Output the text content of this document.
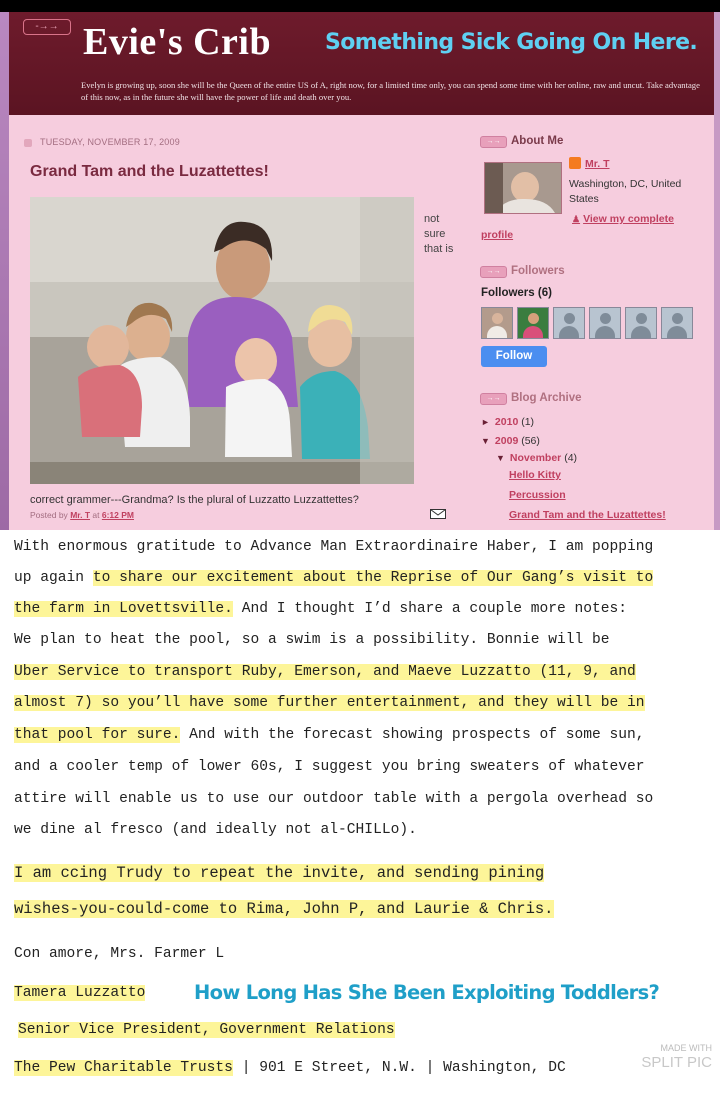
-→→ Evie's Crib Something Sick Going On Here.
Evelyn is growing up, soon she will be the Queen of the entire US of A, right now, for a limited time only, you can spend some time with her online, raw and uncut. Take advantage of this now, as in the future she will have the power of life and death over you.
TUESDAY, NOVEMBER 17, 2009
Grand Tam and the Luzattettes!
not sure that is
correct grammer---Grandma? Is the plural of Luzzatto Luzzattettes?
Posted by Mr. T at 6:12 PM
→→ About Me
Mr. T
Washington, DC, United States
♟ View my complete
profile
→→ Followers
Followers (6)
Follow
→→ Blog Archive
► 2010 (1)
▼ 2009 (56)
▼ November (4)
Hello Kitty
Percussion
Grand Tam and the Luzattettes!
With enormous gratitude to Advance Man Extraordinaire Haber, I am popping
up again to share our excitement about the Reprise of Our Gang’s visit to
the farm in Lovettsville. And I thought I’d share a couple more notes:
We plan to heat the pool, so a swim is a possibility. Bonnie will be
Uber Service to transport Ruby, Emerson, and Maeve Luzzatto (11, 9, and
almost 7) so you’ll have some further entertainment, and they will be in
that pool for sure. And with the forecast showing prospects of some sun,
and a cooler temp of lower 60s, I suggest you bring sweaters of whatever
attire will enable us to use our outdoor table with a pergola overhead so
we dine al fresco (and ideally not al-CHILLo).
I am ccing Trudy to repeat the invite, and sending pining
wishes-you-could-come to Rima, John P, and Laurie & Chris.
Con amore, Mrs. Farmer L
Tamera Luzzatto How Long Has She Been Exploiting Toddlers?
Senior Vice President, Government Relations
The Pew Charitable Trusts | 901 E Street, N.W. | Washington, DC
MADE WITH
SPLIT PIC
